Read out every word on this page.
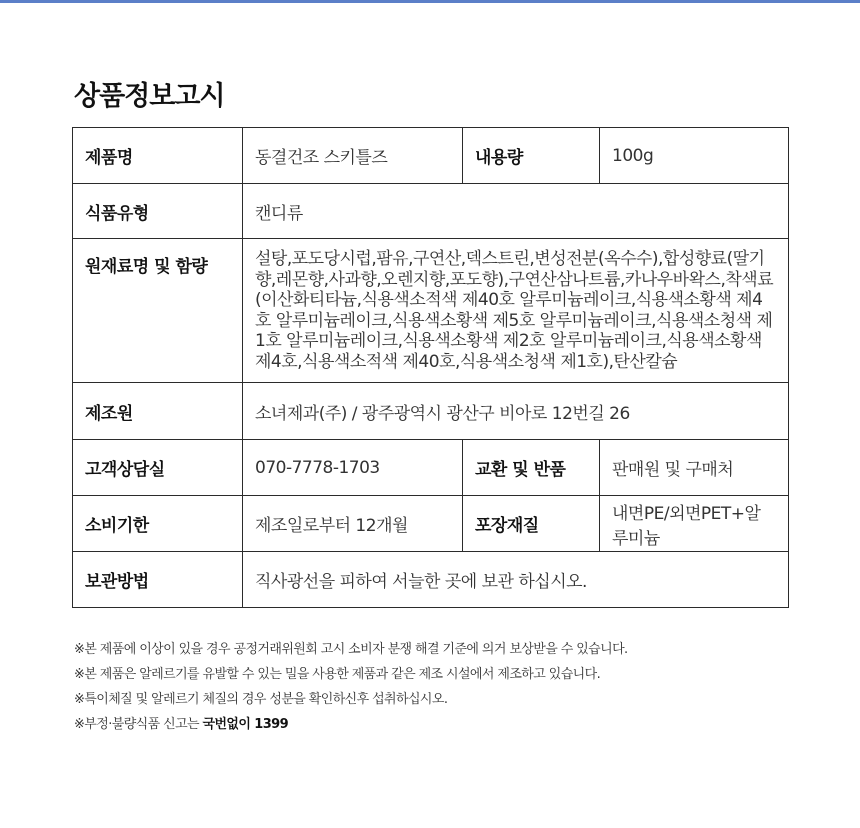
상품정보고시
제품명	동결건조 스키틀즈	내용량	100g
식품유형	캔디류		
원재료명 및 함량	설탕,포도당시럽,팜유,구연산,덱스트린,변성전분(옥수수),합성향료(딸기향,레몬향,사과향,오렌지향,포도향),구연산삼나트륨,카나우바왁스,착색료(이산화티타늄,식용색소적색 제40호 알루미늄레이크,식용색소황색 제4호 알루미늄레이크,식용색소황색 제5호 알루미늄레이크,식용색소청색 제1호 알루미늄레이크,식용색소황색 제2호 알루미늄레이크,식용색소황색 제4호,식용색소적색 제40호,식용색소청색 제1호),탄산칼슘		
제조원	소녀제과(주) / 광주광역시 광산구 비아로 12번길 26		
고객상담실	070-7778-1703	교환 및 반품	판매원 및 구매처
소비기한	제조일로부터 12개월	포장재질	내면PE/외면PET+알루미늄
보관방법	직사광선을 피하여 서늘한 곳에 보관 하십시오.		
※본 제품에 이상이 있을 경우 공정거래위원회 고시 소비자 분쟁 해결 기준에 의거 보상받을 수 있습니다.
※본 제품은 알레르기를 유발할 수 있는 밀을 사용한 제품과 같은 제조 시설에서 제조하고 있습니다.
※특이체질 및 알레르기 체질의 경우 성분을 확인하신후 섭취하십시오.
※부정·불량식품 신고는 국번없이 1399
